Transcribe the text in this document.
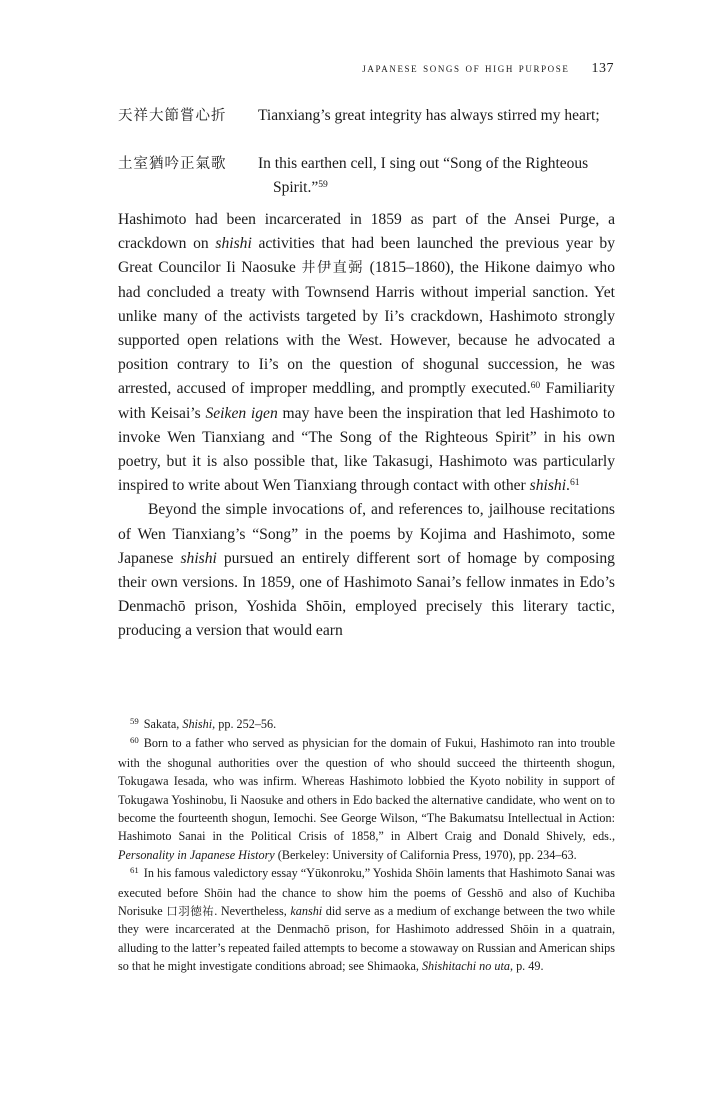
japanese songs of high purpose 137
天祥大節嘗心折 Tianxiang’s great integrity has always stirred my heart;
土室猶吟正氣歌 In this earthen cell, I sing out “Song of the Righteous Spirit.”$^{59}$

Hashimoto had been incarcerated in 1859 as part of the Ansei Purge, a crackdown on shishi activities that had been launched the previous year by Great Councilor Ii Naosuke 井伊直弼 (1815–1860), the Hikone daimyo who had concluded a treaty with Townsend Harris without imperial sanction. Yet unlike many of the activists targeted by Ii’s crackdown, Hashimoto strongly supported open relations with the West. However, because he advocated a position contrary to Ii’s on the question of shogunal succession, he was arrested, accused of improper meddling, and promptly executed.$^{60}$ Familiarity with Keisai’s Seiken igen may have been the inspiration that led Hashimoto to invoke Wen Tianxiang and “The Song of the Righteous Spirit” in his own poetry, but it is also possible that, like Takasugi, Hashimoto was particularly inspired to write about Wen Tianxiang through contact with other shishi.$^{61}$

Beyond the simple invocations of, and references to, jailhouse recitations of Wen Tianxiang’s “Song” in the poems by Kojima and Hashimoto, some Japanese shishi pursued an entirely different sort of homage by composing their own versions. In 1859, one of Hashimoto Sanai’s fellow inmates in Edo’s Denmachō prison, Yoshida Shōin, employed precisely this literary tactic, producing a version that would earn

$^{59}$ Sakata, Shishi, pp. 252–56.

$^{60}$ Born to a father who served as physician for the domain of Fukui, Hashimoto ran into trouble with the shogunal authorities over the question of who should succeed the thirteenth shogun, Tokugawa Iesada, who was infirm. Whereas Hashimoto lobbied the Kyoto nobility in support of Tokugawa Yoshinobu, Ii Naosuke and others in Edo backed the alternative candidate, who went on to become the fourteenth shogun, Iemochi. See George Wilson, “The Bakumatsu Intellectual in Action: Hashimoto Sanai in the Political Crisis of 1858,” in Albert Craig and Donald Shively, eds., Personality in Japanese History (Berkeley: University of California Press, 1970), pp. 234–63.

$^{61}$ In his famous valedictory essay “Yūkonroku,” Yoshida Shōin laments that Hashimoto Sanai was executed before Shōin had the chance to show him the poems of Gesshō and also of Kuchiba Norisuke 口羽徳祐. Nevertheless, kanshi did serve as a medium of exchange between the two while they were incarcerated at the Denmachō prison, for Hashimoto addressed Shōin in a quatrain, alluding to the latter’s repeated failed attempts to become a stowaway on Russian and American ships so that he might investigate conditions abroad; see Shimaoka, Shishitachi no uta, p. 49.
